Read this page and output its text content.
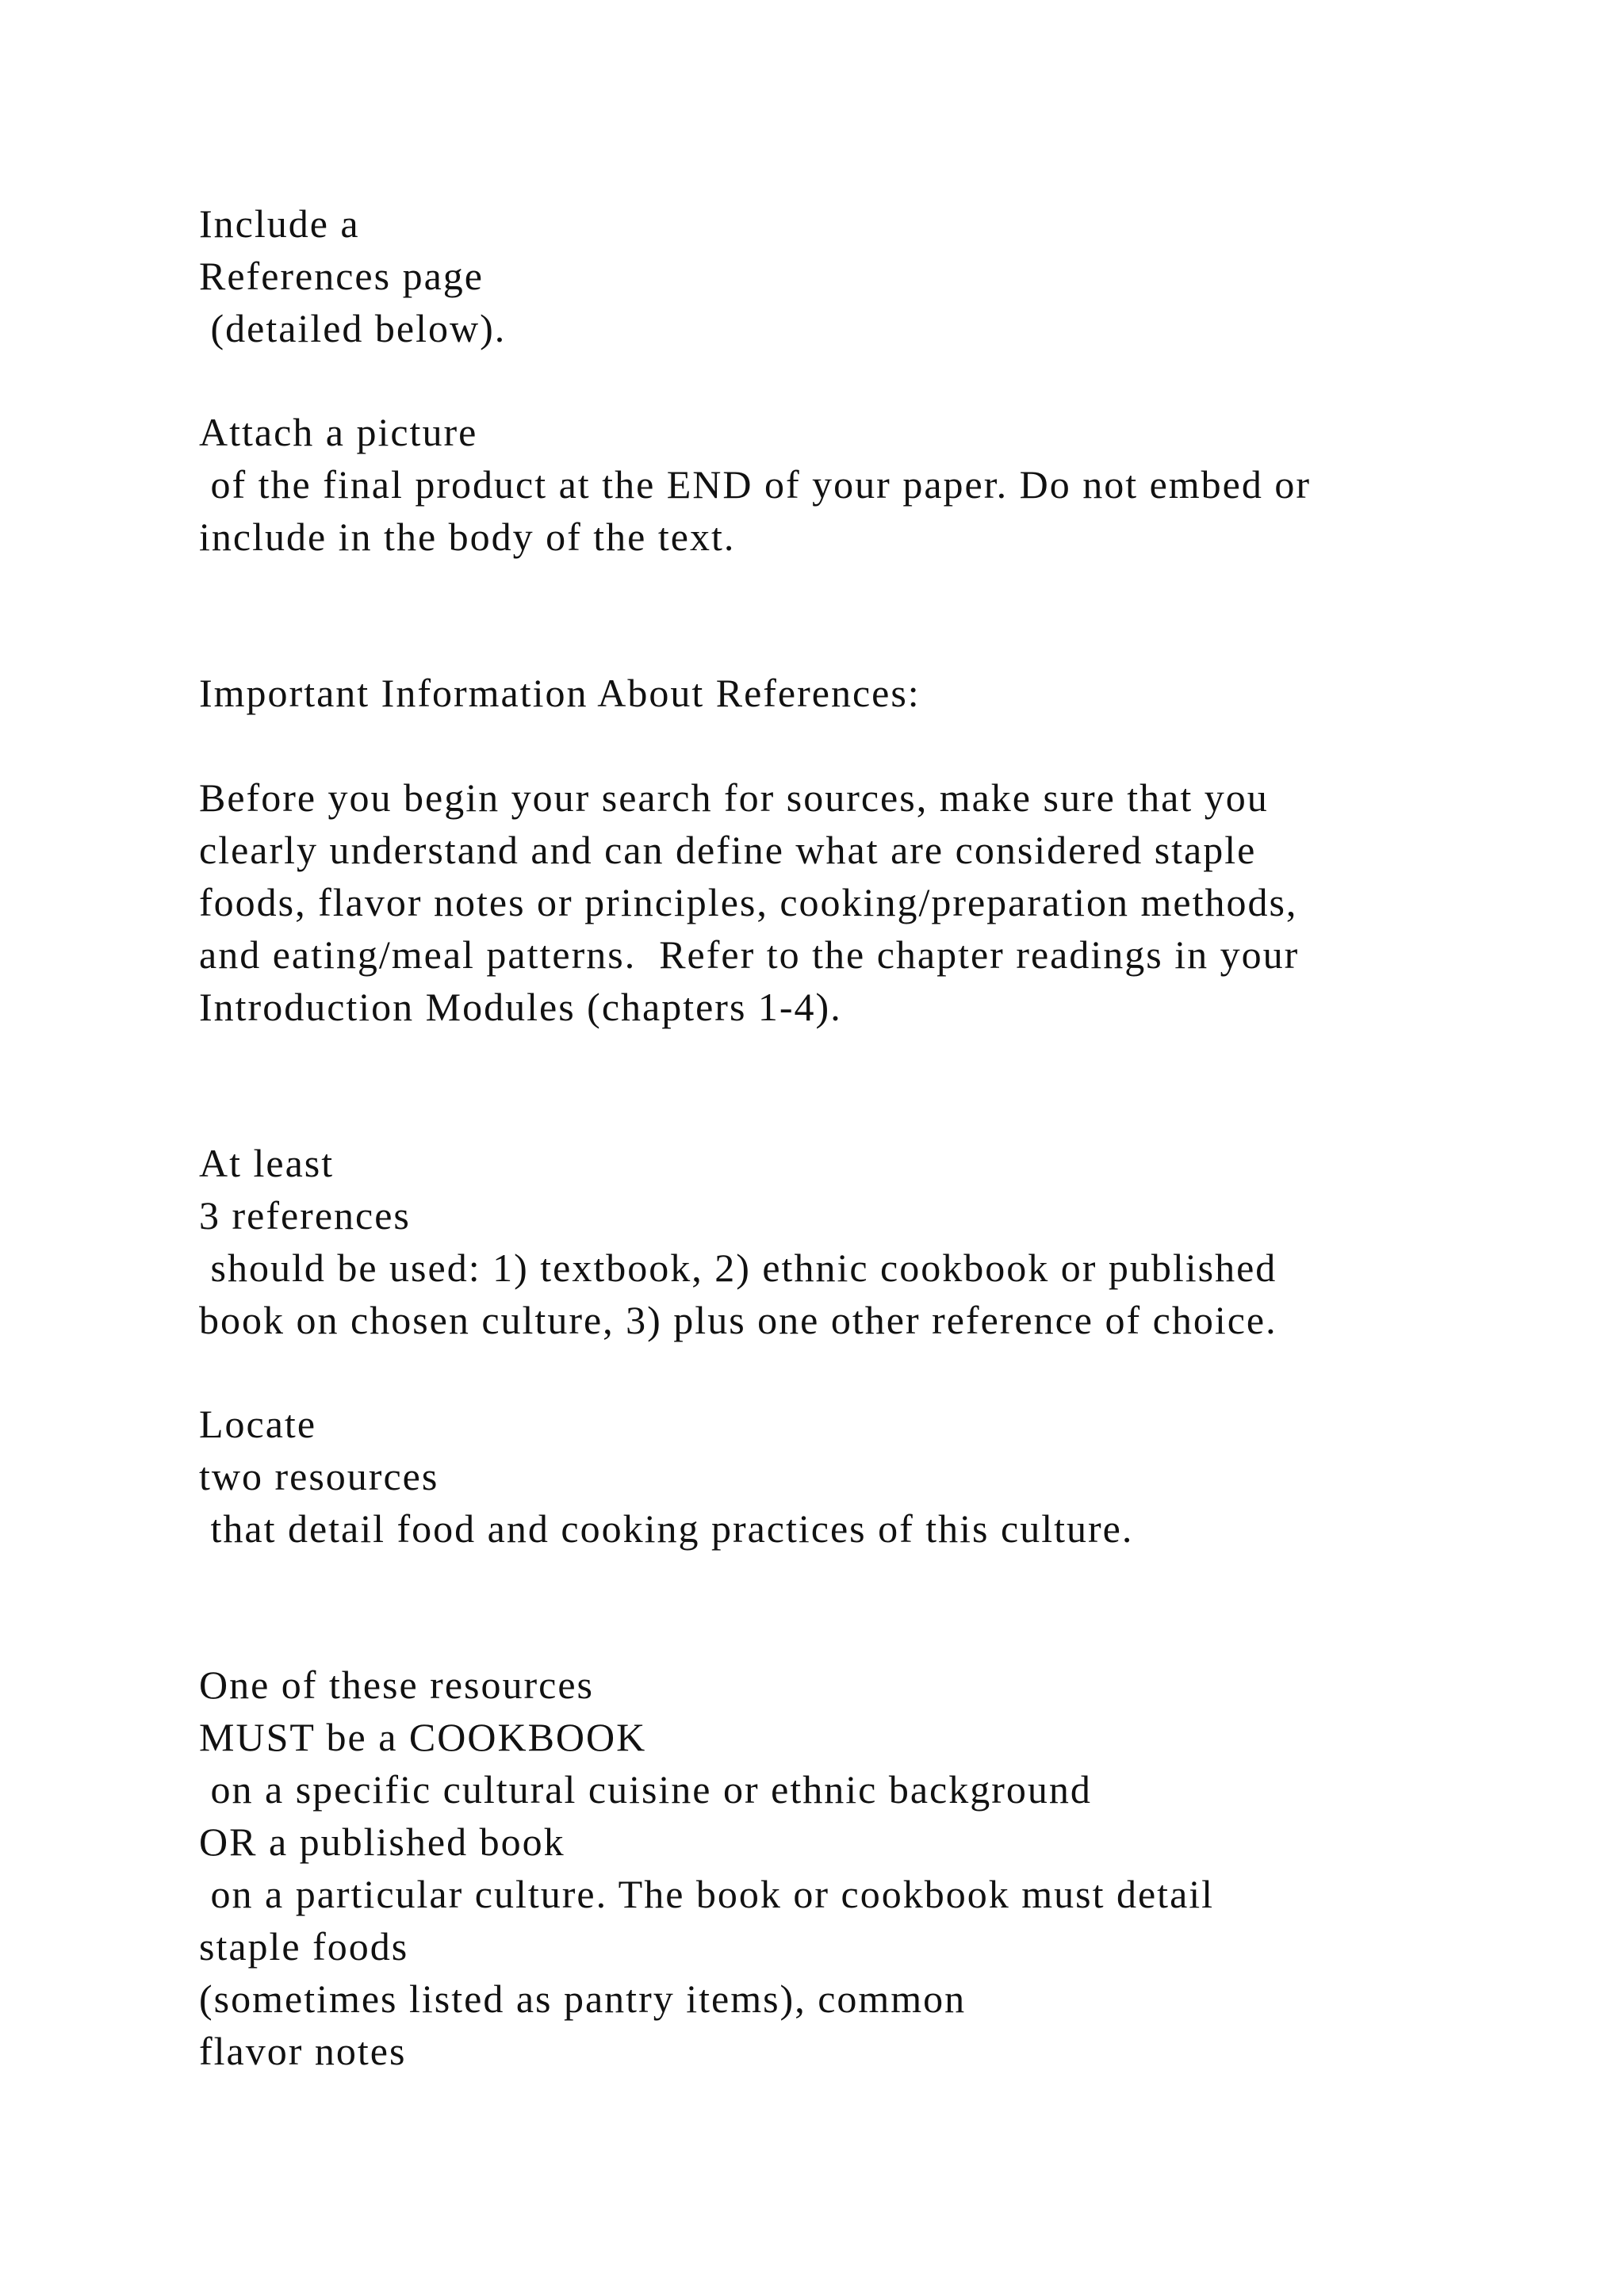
Include a
References page
(detailed below).
Attach a picture
of the final product at the END of your paper. Do not embed or
include in the body of the text.
Important Information About References:
Before you begin your search for sources, make sure that you
clearly understand and can define what are considered staple
foods, flavor notes or principles, cooking/preparation methods,
and eating/meal patterns.  Refer to the chapter readings in your
Introduction Modules (chapters 1-4).
At least
3 references
should be used: 1) textbook, 2) ethnic cookbook or published
book on chosen culture, 3) plus one other reference of choice.
Locate
two resources
that detail food and cooking practices of this culture.
One of these resources
MUST be a COOKBOOK
on a specific cultural cuisine or ethnic background
OR a published book
on a particular culture. The book or cookbook must detail
staple foods
(sometimes listed as pantry items), common
flavor notes
